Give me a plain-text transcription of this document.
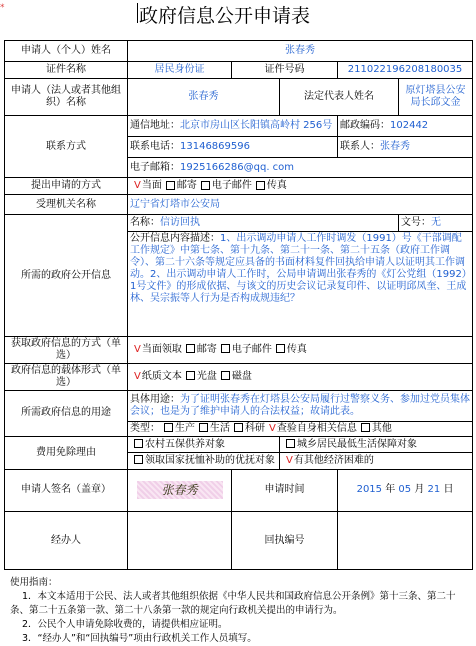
*	政府信息公开申请表
申请人（个人）姓名	张春秀				
证件名称	居民身份证	证件号码		211022196208180035	
申请人（法人或者其他组织）名称	张春秀		法定代表人姓名		原灯塔县公安局长邱文金
联系方式	通信地址：北京市房山区长阳镇高岭村 256号			邮政编码：102442	
	联系电话：13146869596			联系人：张春秀	
	电子邮箱：1925166286@qq. com				
提出申请的方式	V当面 邮寄 电子邮件 传真				
受理机关名称	辽宁省灯塔市公安局				
所需的政府公开信息	名称：信访回执				文号：无
	公开信息内容描述：1、出示调动申请人工作时调发（1991）号《干部调配工作规定》中第七条、第十九条、第二十一条、第二十五条（政府工作调令）、第二十六条等规定应具备的书面材料复件回执给申请人以证明其工作调动。2、出示调动申请人工作时，公局申请调出张春秀的《灯公党组（1992）1号文件》的形成依据、与该文的历史会议记录复印件、以证明邱凤奎、王成林、吴宗振等人行为是否构成规违纪？				
获取政府信息的方式（单选）	V当面领取 邮寄 电子邮件 传真				
政府信息的载体形式（单选）	V纸质文本 光盘 磁盘				
所需政府信息的用途	具体用途：为了证明张春秀在灯塔县公安局履行过警察义务、参加过党员集体会议；也是为了维护申请人的合法权益；故请此表。				
	类型： 生产 生活 科研 V查验自身相关信息 其他				
费用免除理由	农村五保供养对象		城乡居民最低生活保障对象		
	领取国家抚恤补助的优抚对象		V有其他经济困难的		
申请人签名（盖章）	张春秀	申请时间		2015 年 05 月 21 日	
经办人		回执编号			

使用指南：

1．本文本适用于公民、法人或者其他组织依据《中华人民共和国政府信息公开条例》第十三条、第二十条、第二十五条第一款、第二十八条第一款的规定向行政机关提出的申请行为。

2．公民个人申请免除收费的，请提供相应证明。

3．“经办人”和“回执编号”项由行政机关工作人员填写。
